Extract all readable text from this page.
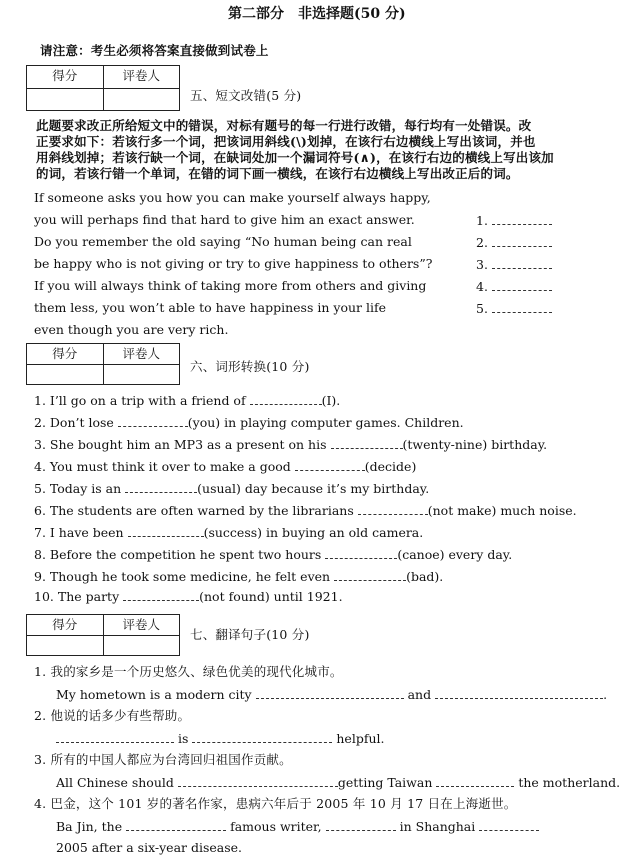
第二部分　非选择题(50 分)
请注意：考生必须将答案直接做到试卷上
得分	评卷人
五、短文改错(5 分)
此题要求改正所给短文中的错误，对标有题号的每一行进行改错，每行均有一处错误。改
正要求如下：若该行多一个词，把该词用斜线(\)划掉，在该行右边横线上写出该词，并也
用斜线划掉；若该行缺一个词，在缺词处加一个漏词符号(∧)，在该行右边的横线上写出该加
的词，若该行错一个单词，在错的词下画一横线，在该行右边横线上写出改正后的词。
If someone asks you how you can make yourself always happy,
you will perhaps find that hard to give him an exact answer.	1.
Do you remember the old saying “No human being can real	2.
be happy who is not giving or try to give happiness to others”?	3.
If you will always think of taking more from others and giving	4.
them less, you won’t able to have happiness in your life	5.
even though you are very rich.
得分	评卷人
六、词形转换(10 分)
1. I’ll go on a trip with a friend of	(I).
2. Don’t lose	(you) in playing computer games. Children.
3. She bought him an MP3 as a present on his	(twenty-nine) birthday.
4. You must think it over to make a good	(decide)
5. Today is an	(usual) day because it’s my birthday.
6. The students are often warned by the librarians	(not make) much noise.
7. I have been	(success) in buying an old camera.
8. Before the competition he spent two hours	(canoe) every day.
9. Though he took some medicine, he felt even	(bad).
10. The party	(not found) until 1921.
得分	评卷人
七、翻译句子(10 分)
1. 我的家乡是一个历史悠久、绿色优美的现代化城市。
My hometown is a modern city	and	.
2. 他说的话多少有些帮助。
is	helpful.
3. 所有的中国人都应为台湾回归祖国作贡献。
All Chinese should	getting Taiwan	the motherland.
4. 巴金，这个 101 岁的著名作家，患病六年后于 2005 年 10 月 17 日在上海逝世。
Ba Jin, the	famous writer,	in Shanghai
2005 after a six-year disease.
